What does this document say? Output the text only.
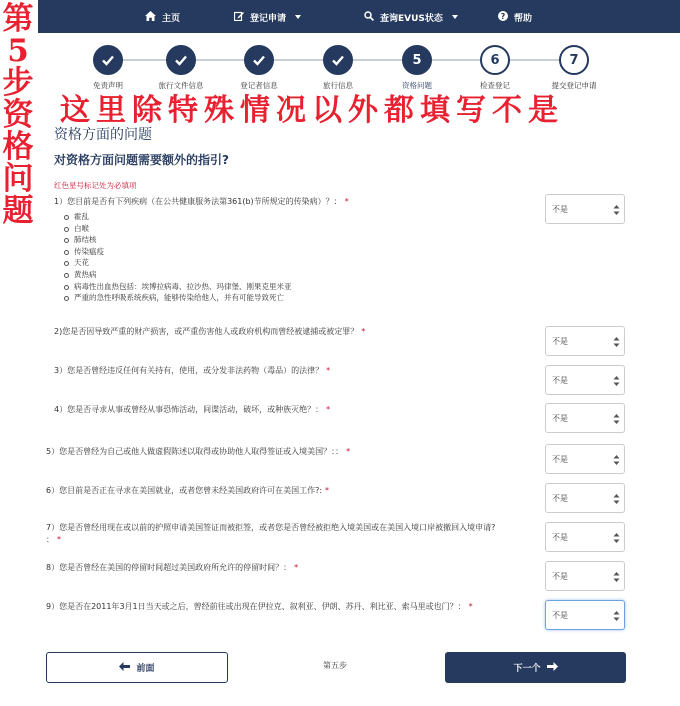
主页	登记申请	查询EVUS状态	? 帮助
免责声明	旅行文件信息	登记者信息	旅行信息
5
资格问题
6
检查登记
7
提交登记申请
第
5
步
资
格
问
题
这里除特殊情况以外都填写不是
资格方面的问题
对资格方面问题需要额外的指引?
红色星号标记处为必填项
1）您目前是否有下列疾病（在公共健康服务法第361(b)节所规定的传染病）？： *
霍乱
白喉
肺结核
传染瘟疫
天花
黄热病
病毒性出血热包括：埃博拉病毒、拉沙热、玛律堡、刚果克里米亚
严重的急性呼吸系统疾病，能够传染给他人，并有可能导致死亡
不是
2)您是否因导致严重的财产损害，或严重伤害他人或政府机构而曾经被逮捕或被定罪？ *
不是
3）您是否曾经违反任何有关持有，使用，或分发非法药物（毒品）的法律？ *
不是
4）您是否寻求从事或曾经从事恐怖活动，间谍活动，破坏，或种族灭绝？： *
不是
5）您是否曾经为自己或他人做虚假陈述以取得或协助他人取得签证或入境美国？：： *
不是
6）您目前是否正在寻求在美国就业，或者您曾未经美国政府许可在美国工作?: *
不是
7）您是否曾经用现在或以前的护照申请美国签证而被拒签，或者您是否曾经被拒绝入境美国或在美国入境口岸被撤回入境申请?
： *	不是
8）您是否曾经在美国的停留时间超过美国政府所允许的停留时间？： *
不是
9）您是否在2011年3月1日当天或之后，曾经前往或出现在伊拉克、叙利亚、伊朗、苏丹、利比亚、索马里或也门？： *
不是
前面	第五步	下一个
